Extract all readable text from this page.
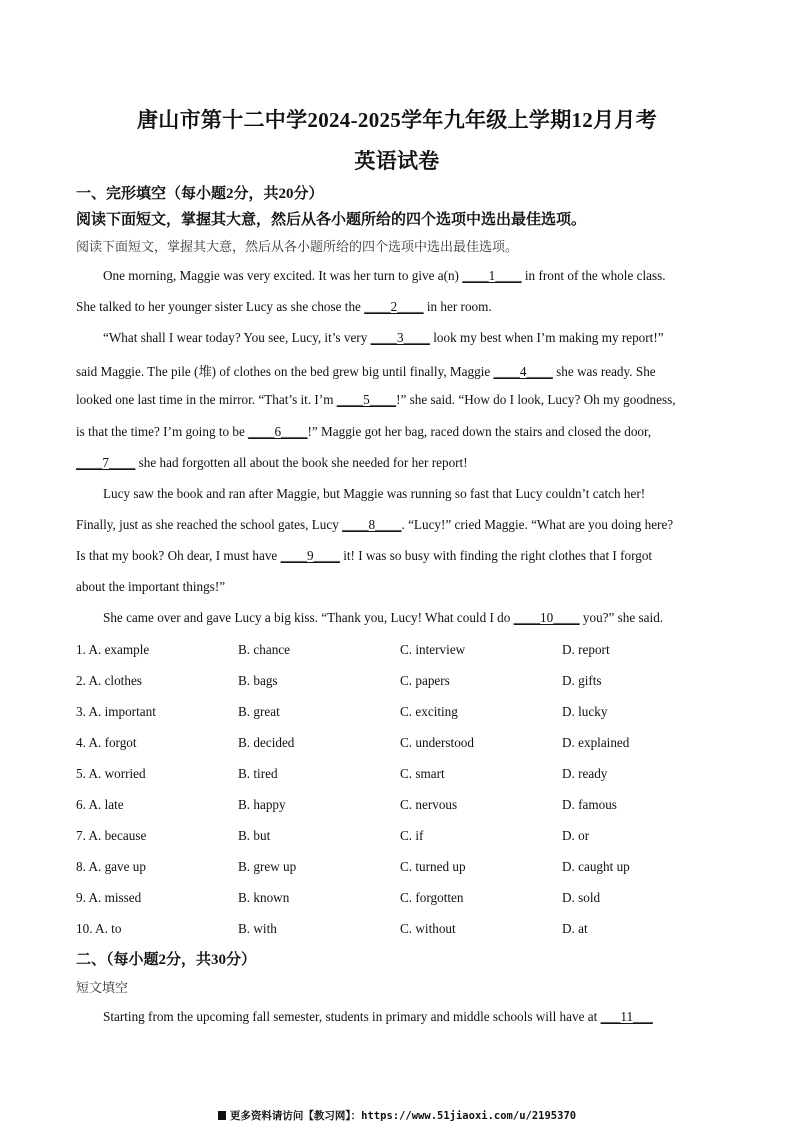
唐山市第十二中学2024-2025学年九年级上学期12月月考
英语试卷
一、完形填空（每小题2分，共20分）
阅读下面短文，掌握其大意，然后从各小题所给的四个选项中选出最佳选项。
阅读下面短文，掌握其大意，然后从各小题所给的四个选项中选出最佳选项。
One morning, Maggie was very excited. It was her turn to give a(n) ____1____ in front of the whole class.
She talked to her younger sister Lucy as she chose the ____2____ in her room.
“What shall I wear today? You see, Lucy, it’s very ____3____ look my best when I’m making my report!”
said Maggie. The pile (堆) of clothes on the bed grew big until finally, Maggie ____4____ she was ready. She
looked one last time in the mirror. “That’s it. I’m ____5____!” she said. “How do I look, Lucy? Oh my goodness,
is that the time? I’m going to be ____6____!” Maggie got her bag, raced down the stairs and closed the door,
____7____ she had forgotten all about the book she needed for her report!
Lucy saw the book and ran after Maggie, but Maggie was running so fast that Lucy couldn’t catch her!
Finally, just as she reached the school gates, Lucy ____8____. “Lucy!” cried Maggie. “What are you doing here?
Is that my book? Oh dear, I must have ____9____ it! I was so busy with finding the right clothes that I forgot
about the important things!”
She came over and gave Lucy a big kiss. “Thank you, Lucy! What could I do ____10____ you?” she said.
1. A. example	B. chance	C. interview	D. report
2. A. clothes	B. bags	C. papers	D. gifts
3. A. important	B. great	C. exciting	D. lucky
4. A. forgot	B. decided	C. understood	D. explained
5. A. worried	B. tired	C. smart	D. ready
6. A. late	B. happy	C. nervous	D. famous
7. A. because	B. but	C. if	D. or
8. A. gave up	B. grew up	C. turned up	D. caught up
9. A. missed	B. known	C. forgotten	D. sold
10. A. to	B. with	C. without	D. at
二、（每小题2分，共30分）
短文填空
Starting from the upcoming fall semester, students in primary and middle schools will have at ___11___
更多资料请访问【教习网】：https://www.51jiaoxi.com/u/2195370
